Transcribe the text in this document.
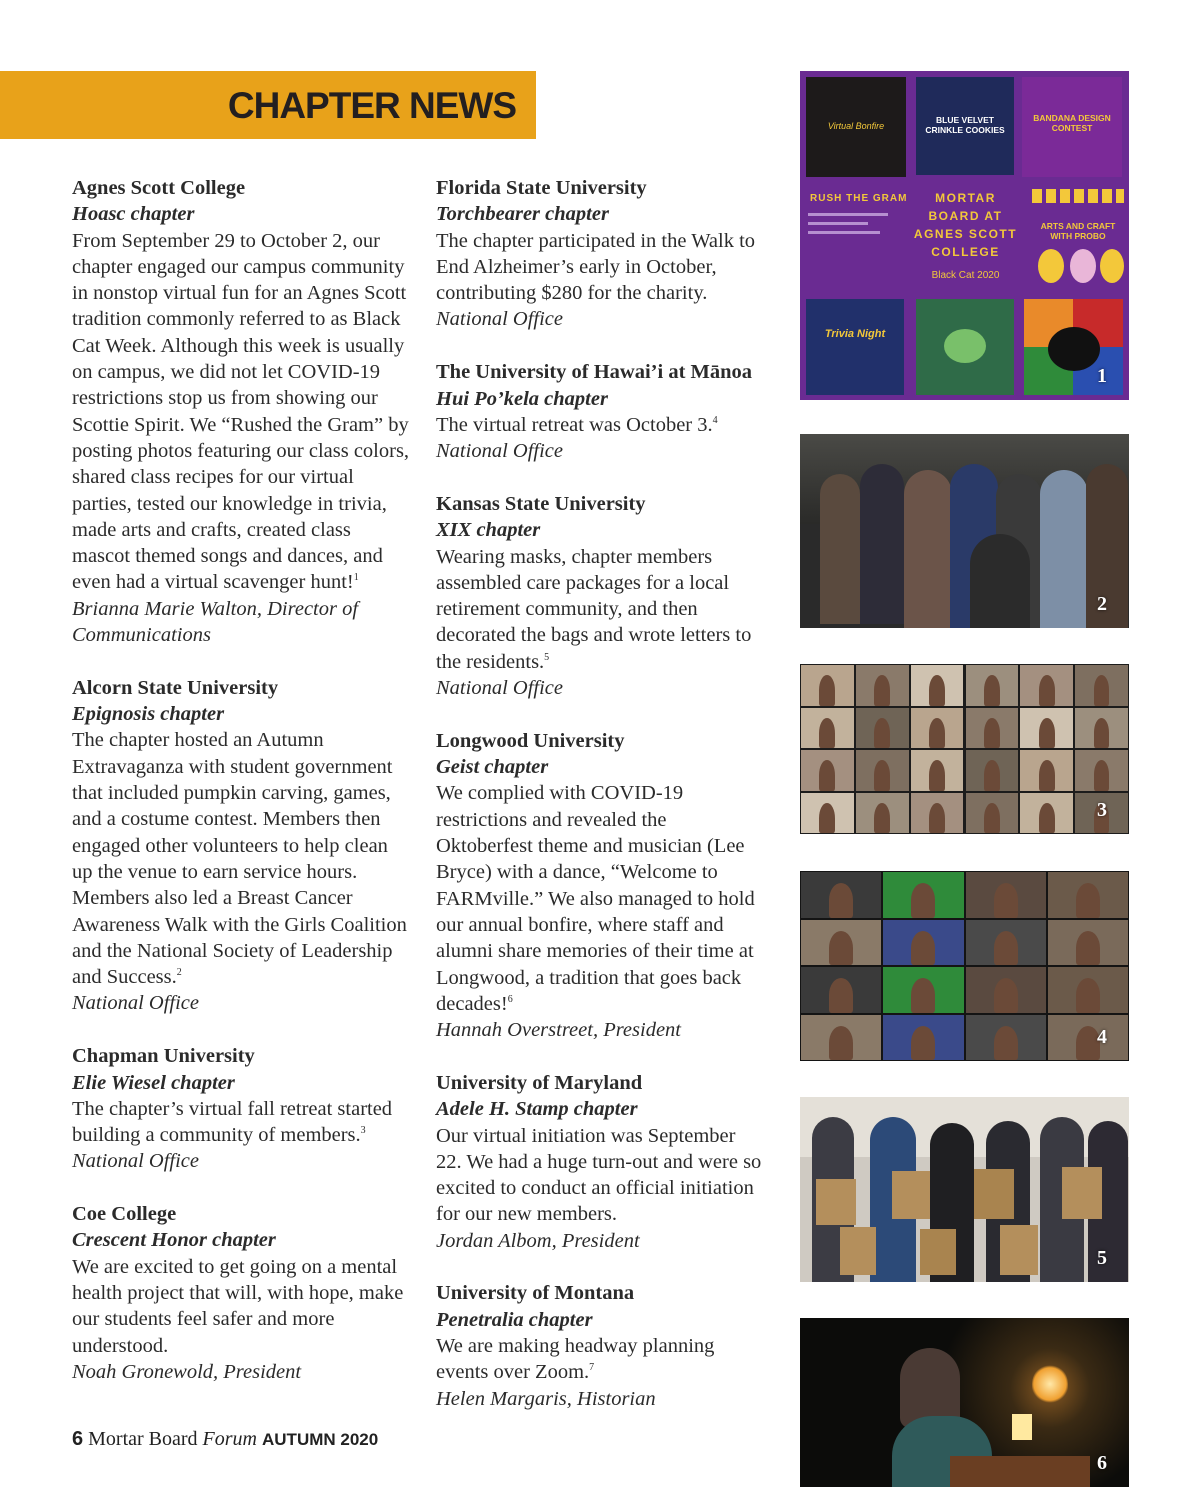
CHAPTER NEWS
Agnes Scott College
Hoasc chapter
From September 29 to October 2, our chapter engaged our campus community in nonstop virtual fun for an Agnes Scott tradition commonly referred to as Black Cat Week. Although this week is usually on campus, we did not let COVID-19 restrictions stop us from showing our Scottie Spirit. We “Rushed the Gram” by posting photos featuring our class colors, shared class recipes for our virtual parties, tested our knowledge in trivia, made arts and crafts, created class mascot themed songs and dances, and even had a virtual scavenger hunt!$^1$
Brianna Marie Walton, Director of Communications
Alcorn State University
Epignosis chapter
The chapter hosted an Autumn Extravaganza with student government that included pumpkin carving, games, and a costume contest. Members then engaged other volunteers to help clean up the venue to earn service hours. Members also led a Breast Cancer Awareness Walk with the Girls Coalition and the National Society of Leadership and Success.$^2$
National Office
Chapman University
Elie Wiesel chapter
The chapter’s virtual fall retreat started building a community of members.$^3$
National Office
Coe College
Crescent Honor chapter
We are excited to get going on a mental health project that will, with hope, make our students feel safer and more understood.
Noah Gronewold, President
Florida State University
Torchbearer chapter
The chapter participated in the Walk to End Alzheimer’s early in October, contributing $280 for the charity.
National Office
The University of Hawai’i at Mānoa
Hui Po’kela chapter
The virtual retreat was October 3.$^4$
National Office
Kansas State University
XIX chapter
Wearing masks, chapter members assembled care packages for a local retirement community, and then decorated the bags and wrote letters to the residents.$^5$
National Office
Longwood University
Geist chapter
We complied with COVID-19 restrictions and revealed the Oktoberfest theme and musician (Lee Bryce) with a dance, “Welcome to FARMville.” We also managed to hold our annual bonfire, where staff and alumni share memories of their time at Longwood, a tradition that goes back decades!$^6$
Hannah Overstreet, President
University of Maryland
Adele H. Stamp chapter
Our virtual initiation was September 22. We had a huge turn-out and were so excited to conduct an official initiation for our new members.
Jordan Albom, President
University of Montana
Penetralia chapter
We are making headway planning events over Zoom.$^7$
Helen Margaris, Historian
Virtual Bonfire
BLUE VELVET CRINKLE COOKIES
BANDANA DESIGN CONTEST
RUSH THE GRAM	MORTAR BOARD AT AGNES SCOTT COLLEGE
Black Cat 2020
ARTS AND CRAFT WITH PROBO
Trivia Night
1
2
3
4
5
6
6 Mortar Board Forum AUTUMN 2020
